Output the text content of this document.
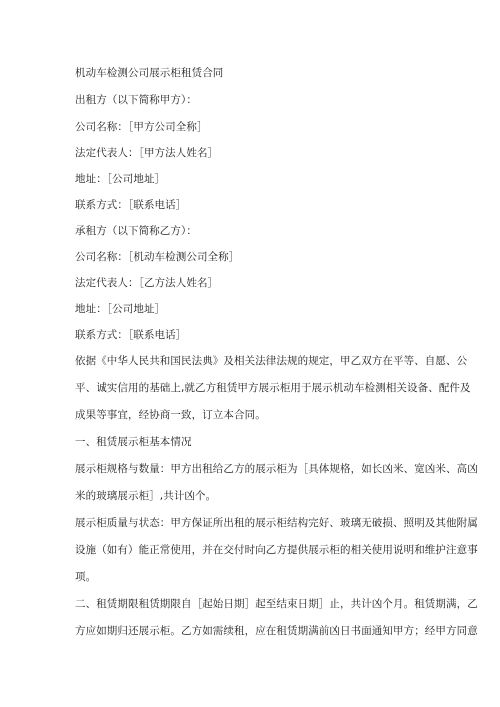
机动车检测公司展示柜租赁合同
出租方（以下简称甲方）：
公司名称：［甲方公司全称］
法定代表人：［甲方法人姓名］
地址：［公司地址］
联系方式：［联系电话］
承租方（以下简称乙方）：
公司名称：［机动车检测公司全称］
法定代表人：［乙方法人姓名］
地址：［公司地址］
联系方式：［联系电话］
依据《中华人民共和国民法典》及相关法律法规的规定，甲乙双方在平等、自愿、公
平、诚实信用的基础上,就乙方租赁甲方展示柜用于展示机动车检测相关设备、配件及
成果等事宜，经协商一致，订立本合同。
一、租赁展示柜基本情况
展示柜规格与数量：甲方出租给乙方的展示柜为［具体规格，如长凶米、宽凶米、高凶
米的玻璃展示柜］,共计凶个。
展示柜质量与状态：甲方保证所出租的展示柜结构完好、玻璃无破损、照明及其他附属
设施（如有）能正常使用，并在交付时向乙方提供展示柜的相关使用说明和维护注意事
项。
二、租赁期限租赁期限自［起始日期］起至结束日期］止，共计凶个月。租赁期满，乙
方应如期归还展示柜。乙方如需续租，应在租赁期满前凶日书面通知甲方；经甲方同意
